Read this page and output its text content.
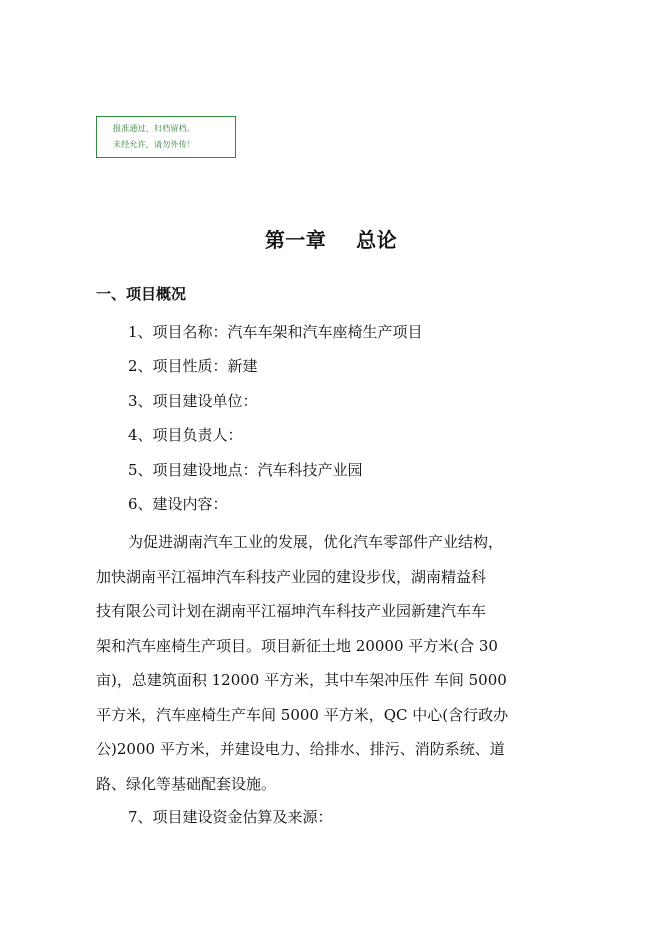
报准通过，归档留档。
未经允许，请勿外传！
第一章    总论
一、项目概况
1、项目名称：汽车车架和汽车座椅生产项目
2、项目性质：新建
3、项目建设单位：
4、项目负责人：
5、项目建设地点：汽车科技产业园
6、建设内容：
为促进湖南汽车工业的发展，优化汽车零部件产业结构，
加快湖南平江福坤汽车科技产业园的建设步伐，湖南精益科
技有限公司计划在湖南平江福坤汽车科技产业园新建汽车车
架和汽车座椅生产项目。项目新征土地 20000 平方米(合 30
亩)，总建筑面积 12000 平方米，其中车架冲压件 车间 5000
平方米，汽车座椅生产车间 5000 平方米，QC 中心(含行政办
公)2000 平方米，并建设电力、给排水、排污、消防系统、道
路、绿化等基础配套设施。
7、项目建设资金估算及来源：
